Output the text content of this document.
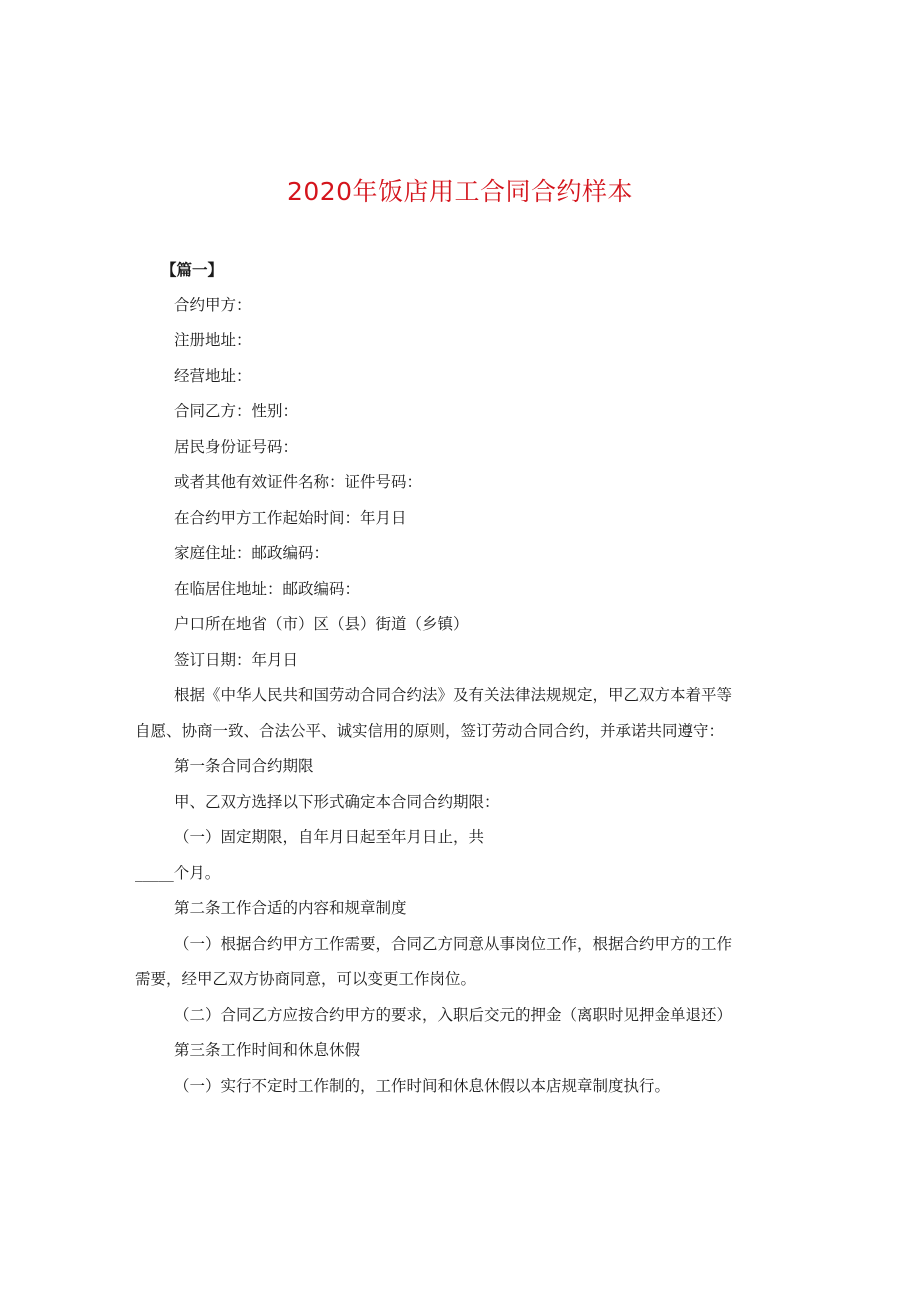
2020年饭店用工合同合约样本
【篇一】
合约甲方：
注册地址：
经营地址：
合同乙方：性别：
居民身份证号码：
或者其他有效证件名称：证件号码：
在合约甲方工作起始时间：年月日
家庭住址：邮政编码：
在临居住地址：邮政编码：
户口所在地省（市）区（县）街道（乡镇）
签订日期：年月日
根据《中华人民共和国劳动合同合约法》及有关法律法规规定，甲乙双方本着平等
自愿、协商一致、合法公平、诚实信用的原则，签订劳动合同合约，并承诺共同遵守：
第一条合同合约期限
甲、乙双方选择以下形式确定本合同合约期限：
（一）固定期限，自年月日起至年月日止，共
_____个月。
第二条工作合适的内容和规章制度
（一）根据合约甲方工作需要，合同乙方同意从事岗位工作，根据合约甲方的工作
需要，经甲乙双方协商同意，可以变更工作岗位。
（二）合同乙方应按合约甲方的要求，入职后交元的押金（离职时见押金单退还）
第三条工作时间和休息休假
（一）实行不定时工作制的，工作时间和休息休假以本店规章制度执行。
